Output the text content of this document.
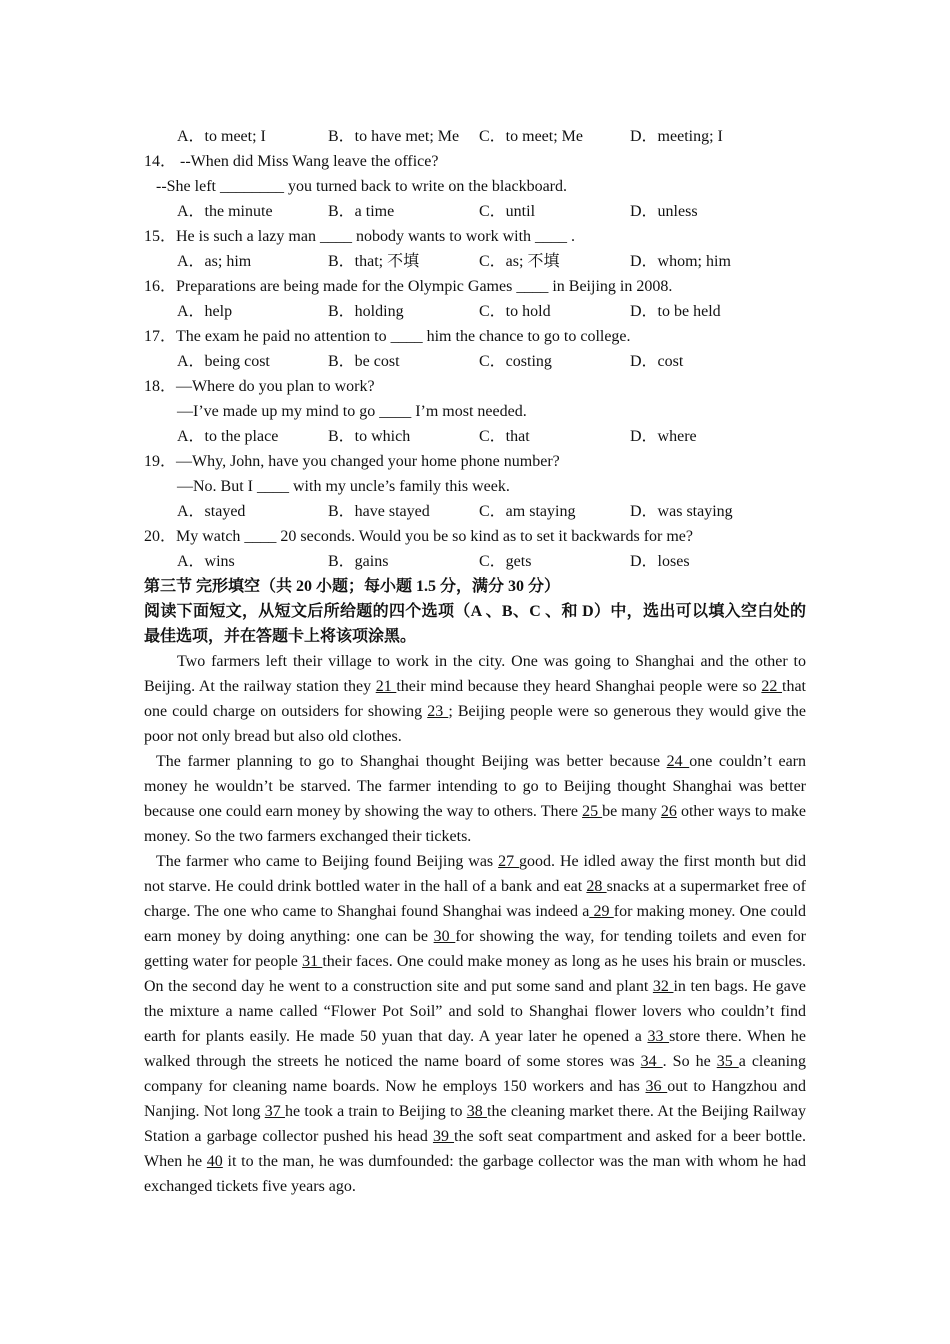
A．to meet; I	B．to have met; Me C．to meet; Me	D．meeting; I
14． --When did Miss Wang leave the office?
--She left ________ you turned back to write on the blackboard.
A．the minute	B．a time	C．until	D．unless
15．He is such a lazy man ____ nobody wants to work with ____ .
A．as; him	B．that; 不填	C．as; 不填	D．whom; him
16．Preparations are being made for the Olympic Games ____ in Beijing in 2008.
A．help	B．holding	C．to hold	D．to be held
17．The exam he paid no attention to ____ him the chance to go to college.
A．being cost	B．be cost	C．costing	D．cost
18．—Where do you plan to work?
—I’ve made up my mind to go ____ I’m most needed.
A．to the place	B．to which	C．that	D．where
19．—Why, John, have you changed your home phone number?
—No. But I ____ with my uncle’s family this week.
A．stayed	B．have stayed	C．am staying	D．was staying
20．My watch ____ 20 seconds. Would you be so kind as to set it backwards for me?
A．wins	B．gains	C．gets	D．loses
第三节 完形填空（共 20 小题；每小题 1.5 分，满分 30 分）
阅读下面短文，从短文后所给题的四个选项（A 、B、C 、和 D）中，选出可以填入空白处的最佳选项，并在答题卡上将该项涂黑。

Two farmers left their village to work in the city. One was going to Shanghai and the other to Beijing. At the railway station they 21 their mind because they heard Shanghai people were so 22 that one could charge on outsiders for showing 23 ; Beijing people were so generous they would give the poor not only bread but also old clothes.

The farmer planning to go to Shanghai thought Beijing was better because 24 one couldn’t earn money he wouldn’t be starved. The farmer intending to go to Beijing thought Shanghai was better because one could earn money by showing the way to others. There 25 be many 26 other ways to make money. So the two farmers exchanged their tickets.

The farmer who came to Beijing found Beijing was 27 good. He idled away the first month but did not starve. He could drink bottled water in the hall of a bank and eat 28 snacks at a supermarket free of charge. The one who came to Shanghai found Shanghai was indeed a 29 for making money. One could earn money by doing anything: one can be 30 for showing the way, for tending toilets and even for getting water for people 31 their faces. One could make money as long as he uses his brain or muscles. On the second day he went to a construction site and put some sand and plant 32 in ten bags. He gave the mixture a name called “Flower Pot Soil” and sold to Shanghai flower lovers who couldn’t find earth for plants easily. He made 50 yuan that day. A year later he opened a 33 store there. When he walked through the streets he noticed the name board of some stores was 34 . So he 35 a cleaning company for cleaning name boards. Now he employs 150 workers and has 36 out to Hangzhou and Nanjing. Not long 37 he took a train to Beijing to 38 the cleaning market there. At the Beijing Railway Station a garbage collector pushed his head 39 the soft seat compartment and asked for a beer bottle. When he 40 it to the man, he was dumfounded: the garbage collector was the man with whom he had exchanged tickets five years ago.
